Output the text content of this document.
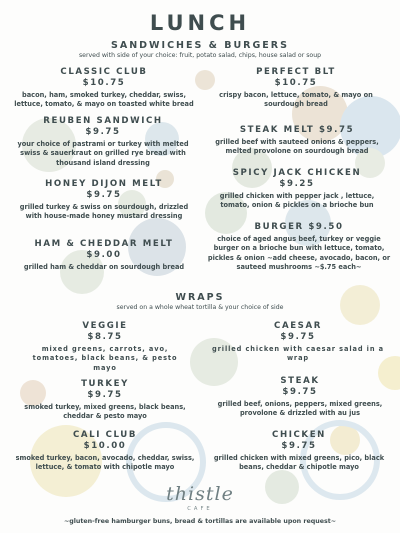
LUNCH
SANDWICHES & BURGERS
served with side of your choice: fruit, potato salad, chips, house salad or soup
CLASSIC CLUB
$10.75
bacon, ham, smoked turkey, cheddar, swiss, lettuce, tomato, & mayo on toasted white bread
PERFECT BLT
$10.75
crispy bacon, lettuce, tomato, & mayo on sourdough bread
REUBEN SANDWICH
$9.75
your choice of pastrami or turkey with melted swiss & sauerkraut on grilled rye bread with thousand island dressing
STEAK MELT $9.75
grilled beef with sauteed onions & peppers, melted provolone on sourdough bread
HONEY DIJON MELT
$9.75
grilled turkey & swiss on sourdough, drizzled with house-made honey mustard dressing
SPICY JACK CHICKEN
$9.25
grilled chicken with pepper jack , lettuce, tomato, onion & pickles on a brioche bun
BURGER $9.50
choice of aged angus beef, turkey or veggie burger on a brioche bun with lettuce, tomato, pickles & onion ~add cheese, avocado, bacon, or sauteed mushrooms ~$.75 each~
HAM & CHEDDAR MELT
$9.00
grilled ham & cheddar on sourdough bread
WRAPS
served on a whole wheat tortilla & your choice of side
VEGGIE
$8.75
mixed greens, carrots, avo, tomatoes, black beans, & pesto mayo
CAESAR
$9.75
grilled chicken with caesar salad in a wrap
TURKEY
$9.75
smoked turkey, mixed greens, black beans, cheddar & pesto mayo
STEAK
$9.75
grilled beef, onions, peppers, mixed greens, provolone & drizzled with au jus
CALI CLUB
$10.00
smoked turkey, bacon, avocado, cheddar, swiss, lettuce, & tomato with chipotle mayo
CHICKEN
$9.75
grilled chicken with mixed greens, pico, black beans, cheddar & chipotle mayo
thistle
CAFE
~gluten-free hamburger buns, bread & tortillas are available upon request~
